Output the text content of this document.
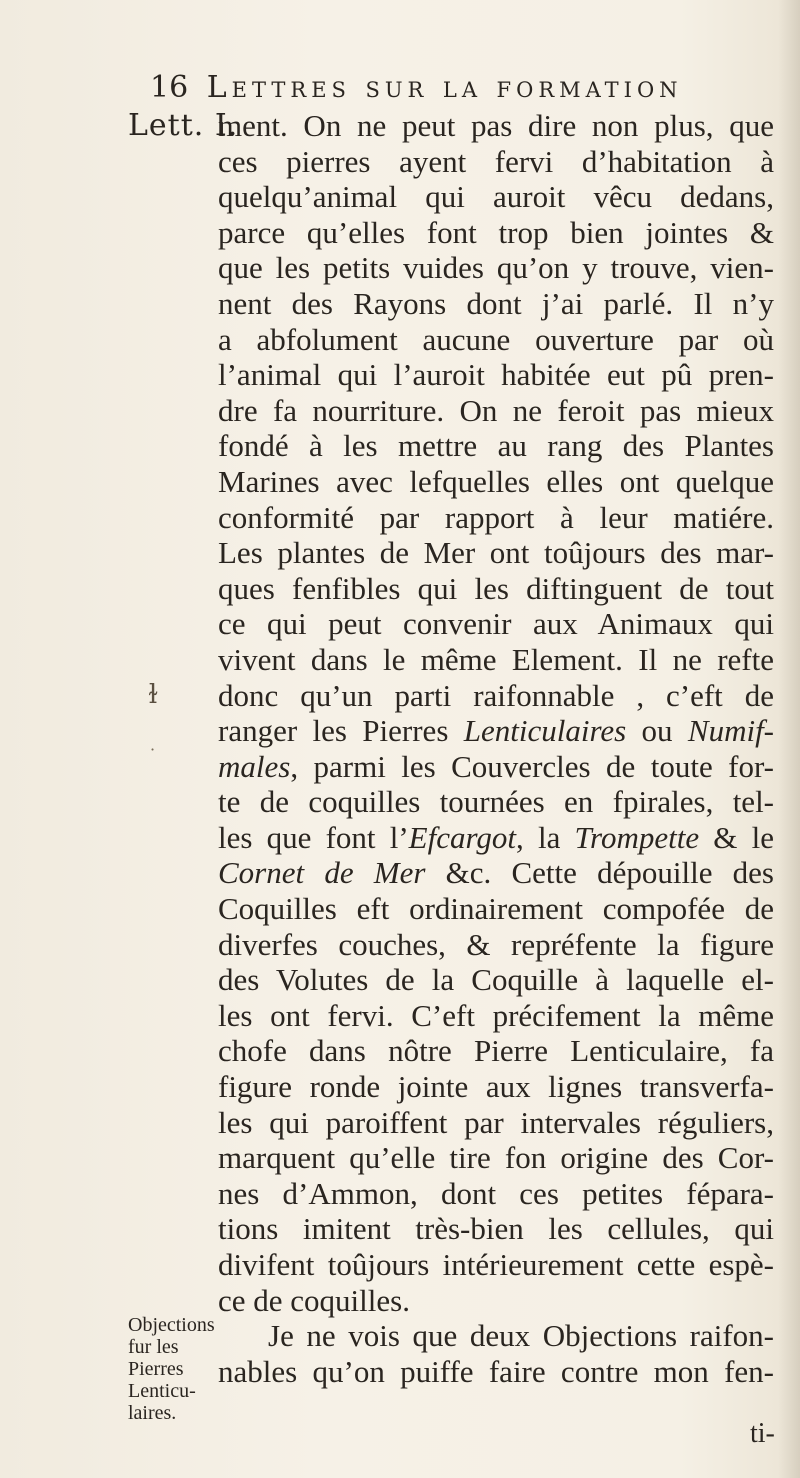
16 Lettres sur la formation
Lett. I.
ɫ
·
ment. On ne peut pas dire non plus, que
ces pierres ayent fervi d’habitation à
quelqu’animal qui auroit vêcu dedans,
parce qu’elles font trop bien jointes &
que les petits vuides qu’on y trouve, vien-
nent des Rayons dont j’ai parlé. Il n’y
a abfolument aucune ouverture par où
l’animal qui l’auroit habitée eut pû pren-
dre fa nourriture. On ne feroit pas mieux
fondé à les mettre au rang des Plantes
Marines avec lefquelles elles ont quelque
conformité par rapport à leur matiére.
Les plantes de Mer ont toûjours des mar-
ques fenfibles qui les diftinguent de tout
ce qui peut convenir aux Animaux qui
vivent dans le même Element. Il ne refte
donc qu’un parti raifonnable , c’eft de
ranger les Pierres Lenticulaires ou Numif-
males, parmi les Couvercles de toute for-
te de coquilles tournées en fpirales, tel-
les que font l’Efcargot, la Trompette & le
Cornet de Mer &c. Cette dépouille des
Coquilles eft ordinairement compofée de
diverfes couches, & repréfente la figure
des Volutes de la Coquille à laquelle el-
les ont fervi. C’eft précifement la même
chofe dans nôtre Pierre Lenticulaire, fa
figure ronde jointe aux lignes transverfa-
les qui paroiffent par intervales réguliers,
marquent qu’elle tire fon origine des Cor-
nes d’Ammon, dont ces petites fépara-
tions imitent très-bien les cellules, qui
divifent toûjours intérieurement cette espè-
ce de coquilles.
Je ne vois que deux Objections raifon-
nables qu’on puiffe faire contre mon fen-
Objections
fur les
Pierres
Lenticu-
laires.
ti-
